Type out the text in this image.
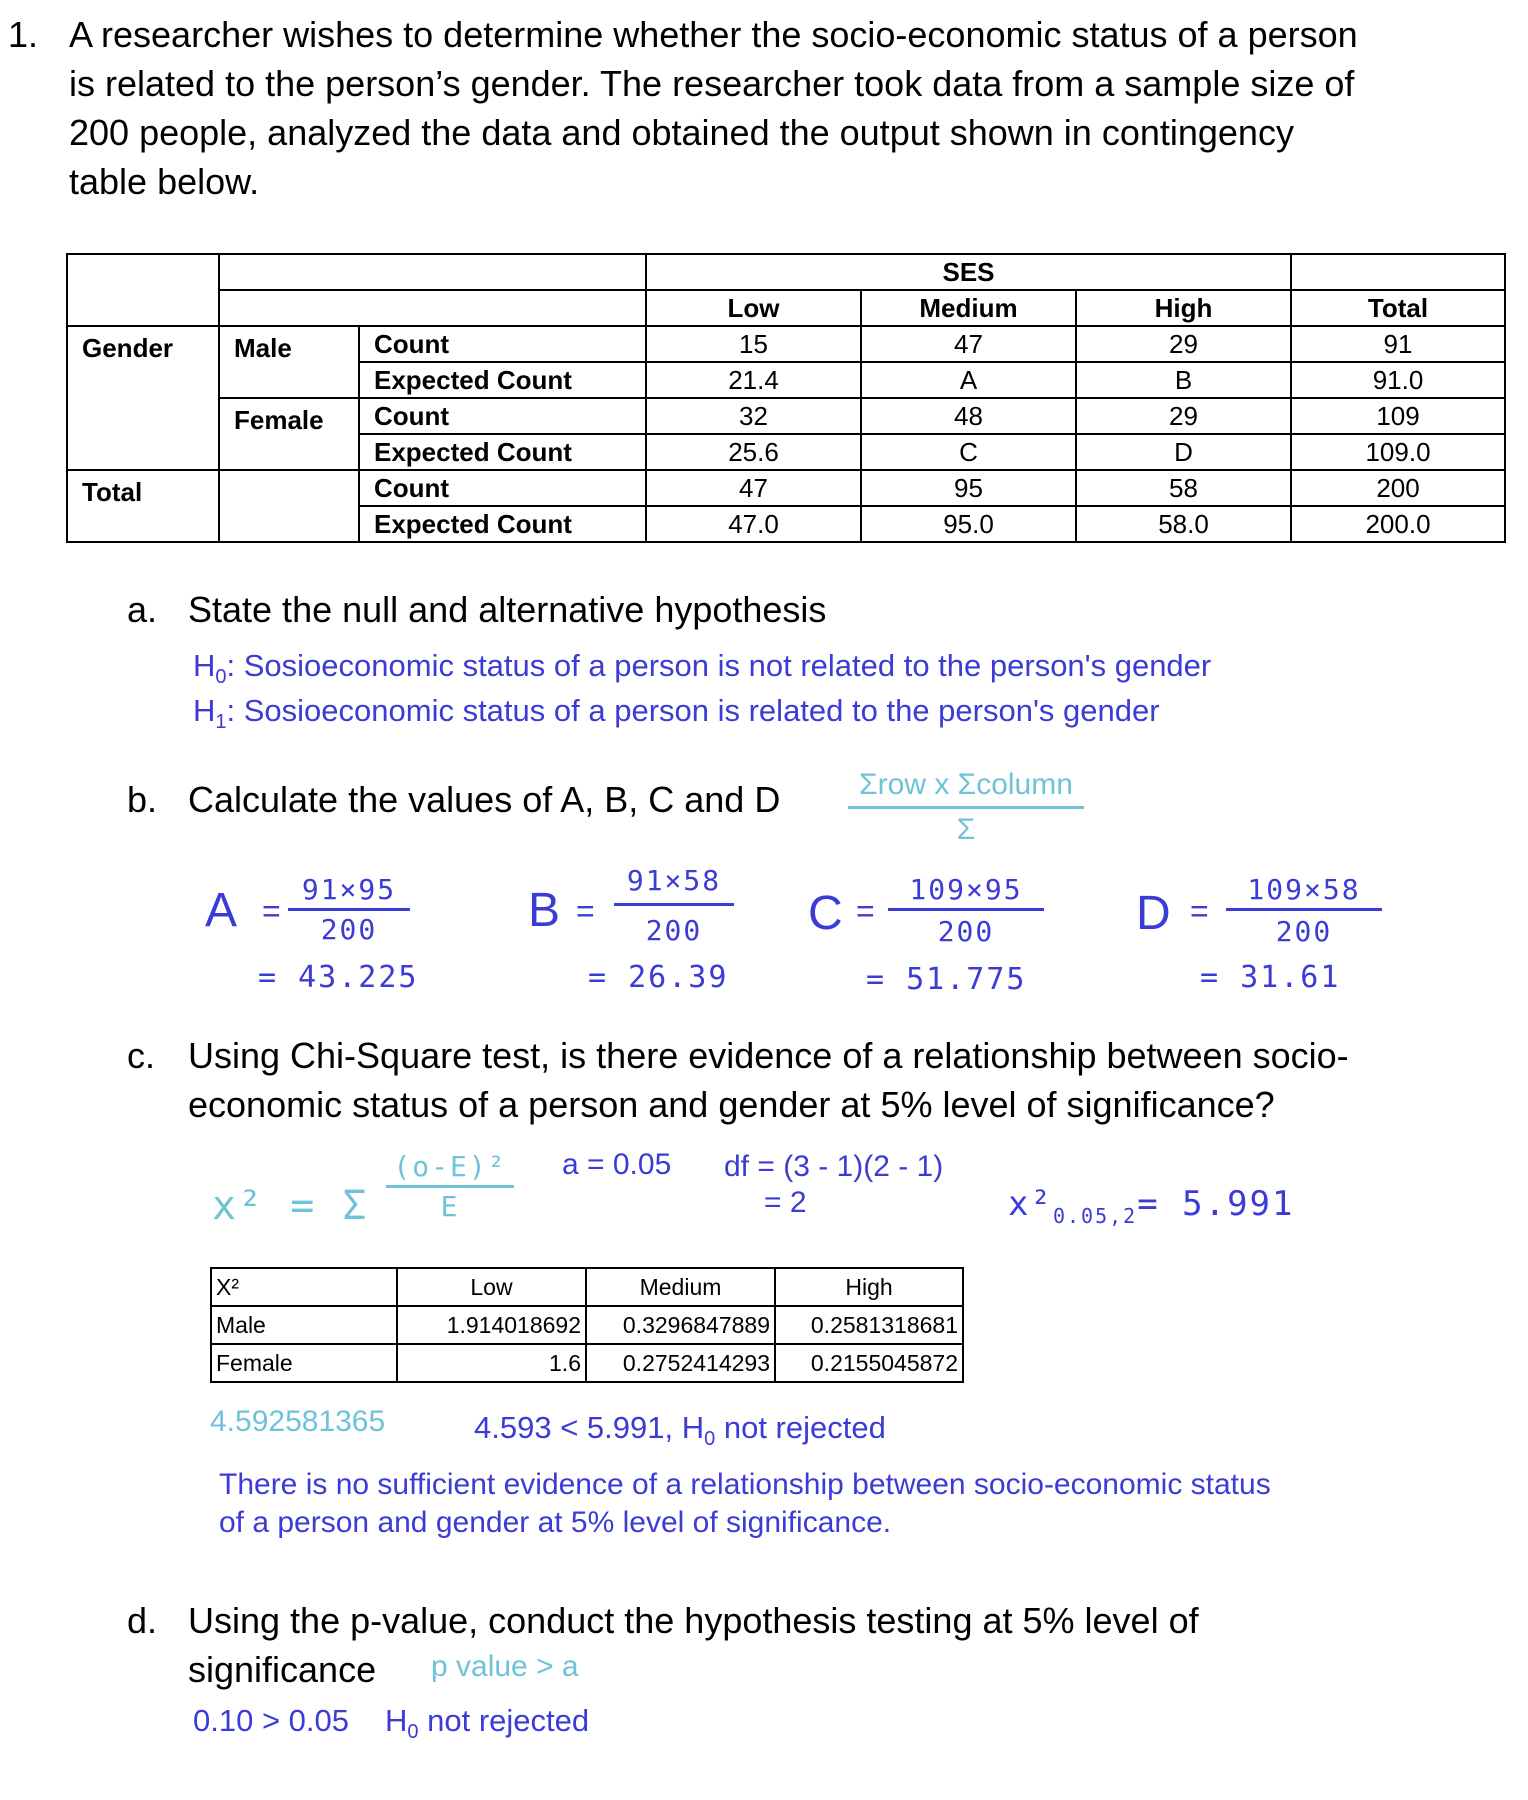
1. A researcher wishes to determine whether the socio-economic status of a person
is related to the person’s gender. The researcher took data from a sample size of
200 people, analyzed the data and obtained the output shown in contingency
table below.
			SES			
			Low	Medium	High	Total
Gender	Male	Count	15	47	29	91
		Expected Count	21.4	A	B	91.0
	Female	Count	32	48	29	109
		Expected Count	25.6	C	D	109.0
Total		Count	47	95	58	200
		Expected Count	47.0	95.0	58.0	200.0
a. State the null and alternative hypothesis
$H_0$: Sosioeconomic status of a person is not related to the person's gender
$H_1$: Sosioeconomic status of a person is related to the person's gender
b. Calculate the values of A, B, C and D	Σrow x Σcolumn
Σ
$A = \frac{91\times 95}{200}$
= 43.225
$B = \frac{91\times 58}{200}$
= 26.39
$C = \frac{109\times 95}{200}$
= 51.775
$D = \frac{109\times 58}{200}$
= 31.61
c. Using Chi-Square test, is there evidence of a relationship between socio-
economic status of a person and gender at 5% level of significance?
x² = Σ $\frac{\text{(o-E)²}}{E}$ a = 0.05 df = (3 - 1)(2 - 1)
= 2	$x^2_{0.05,2}= 5.991$
X²	Low	Medium	High
Male	1.914018692	0.3296847889	0.2581318681
Female	1.6	0.2752414293	0.2155045872
4.592581365	4.593 < 5.991, $H_0$ not rejected
There is no sufficient evidence of a relationship between socio-economic status
of a person and gender at 5% level of significance.
d. Using the p-value, conduct the hypothesis testing at 5% level of
significance p value > a
0.10 > 0.05 $H_0$ not rejected
